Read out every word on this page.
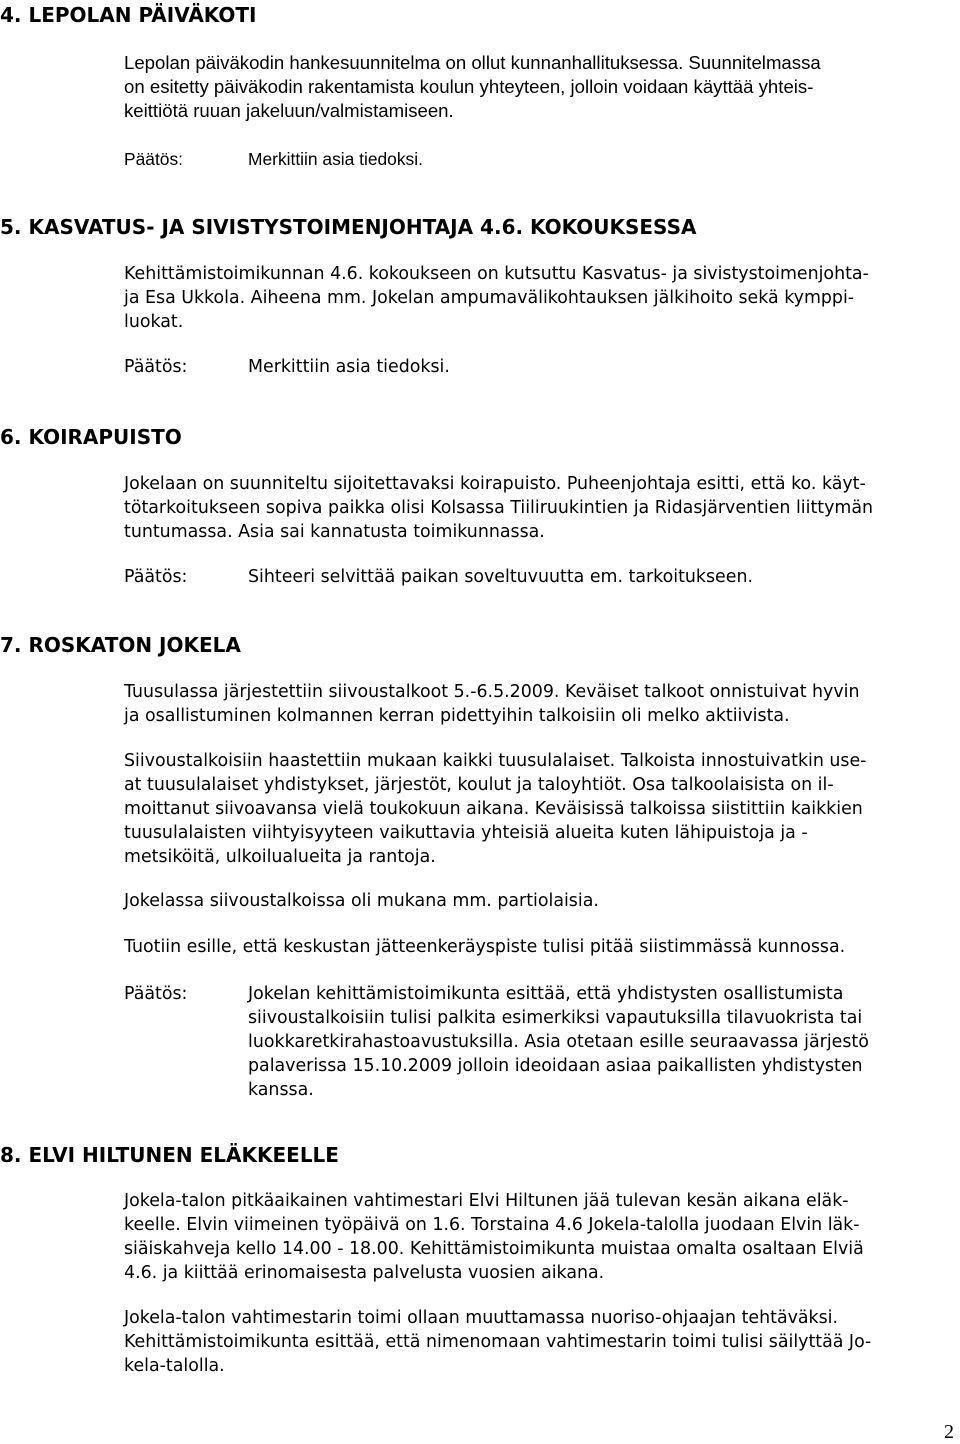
4. LEPOLAN PÄIVÄKOTI
Lepolan päiväkodin hankesuunnitelma on ollut kunnanhallituksessa. Suunnitelmassa
on esitetty päiväkodin rakentamista koulun yhteyteen, jolloin voidaan käyttää yhteis-
keittiötä ruuan jakeluun/valmistamiseen.
Päätös:	Merkittiin asia tiedoksi.
5. KASVATUS- JA SIVISTYSTOIMENJOHTAJA 4.6. KOKOUKSESSA
Kehittämistoimikunnan 4.6. kokoukseen on kutsuttu Kasvatus- ja sivistystoimenjohta-
ja Esa Ukkola. Aiheena mm. Jokelan ampumavälikohtauksen jälkihoito sekä kymppi-
luokat.
Päätös:	Merkittiin asia tiedoksi.
6. KOIRAPUISTO
Jokelaan on suunniteltu sijoitettavaksi koirapuisto. Puheenjohtaja esitti, että ko. käyt-
tötarkoitukseen sopiva paikka olisi Kolsassa Tiiliruukintien ja Ridasjärventien liittymän
tuntumassa. Asia sai kannatusta toimikunnassa.
Päätös:	Sihteeri selvittää paikan soveltuvuutta em. tarkoitukseen.
7. ROSKATON JOKELA
Tuusulassa järjestettiin siivoustalkoot 5.-6.5.2009. Keväiset talkoot onnistuivat hyvin
ja osallistuminen kolmannen kerran pidettyihin talkoisiin oli melko aktiivista.
Siivoustalkoisiin haastettiin mukaan kaikki tuusulalaiset. Talkoista innostuivatkin use-
at tuusulalaiset yhdistykset, järjestöt, koulut ja taloyhtiöt. Osa talkoolaisista on il-
moittanut siivoavansa vielä toukokuun aikana. Keväisissä talkoissa siistittiin kaikkien
tuusulalaisten viihtyisyyteen vaikuttavia yhteisiä alueita kuten lähipuistoja ja -
metsiköitä, ulkoilualueita ja rantoja.
Jokelassa siivoustalkoissa oli mukana mm. partiolaisia.
Tuotiin esille, että keskustan jätteenkeräyspiste tulisi pitää siistimmässä kunnossa.
Päätös:	Jokelan kehittämistoimikunta esittää, että yhdistysten osallistumista
siivoustalkoisiin tulisi palkita esimerkiksi vapautuksilla tilavuokrista tai
luokkaretkirahastoavustuksilla. Asia otetaan esille seuraavassa järjestö
palaverissa 15.10.2009 jolloin ideoidaan asiaa paikallisten yhdistysten
kanssa.
8. ELVI HILTUNEN ELÄKKEELLE
Jokela-talon pitkäaikainen vahtimestari Elvi Hiltunen jää tulevan kesän aikana eläk-
keelle. Elvin viimeinen työpäivä on 1.6. Torstaina 4.6 Jokela-talolla juodaan Elvin läk-
siäiskahveja kello 14.00 - 18.00. Kehittämistoimikunta muistaa omalta osaltaan Elviä
4.6. ja kiittää erinomaisesta palvelusta vuosien aikana.
Jokela-talon vahtimestarin toimi ollaan muuttamassa nuoriso-ohjaajan tehtäväksi.
Kehittämistoimikunta esittää, että nimenomaan vahtimestarin toimi tulisi säilyttää Jo-
kela-talolla.
2
